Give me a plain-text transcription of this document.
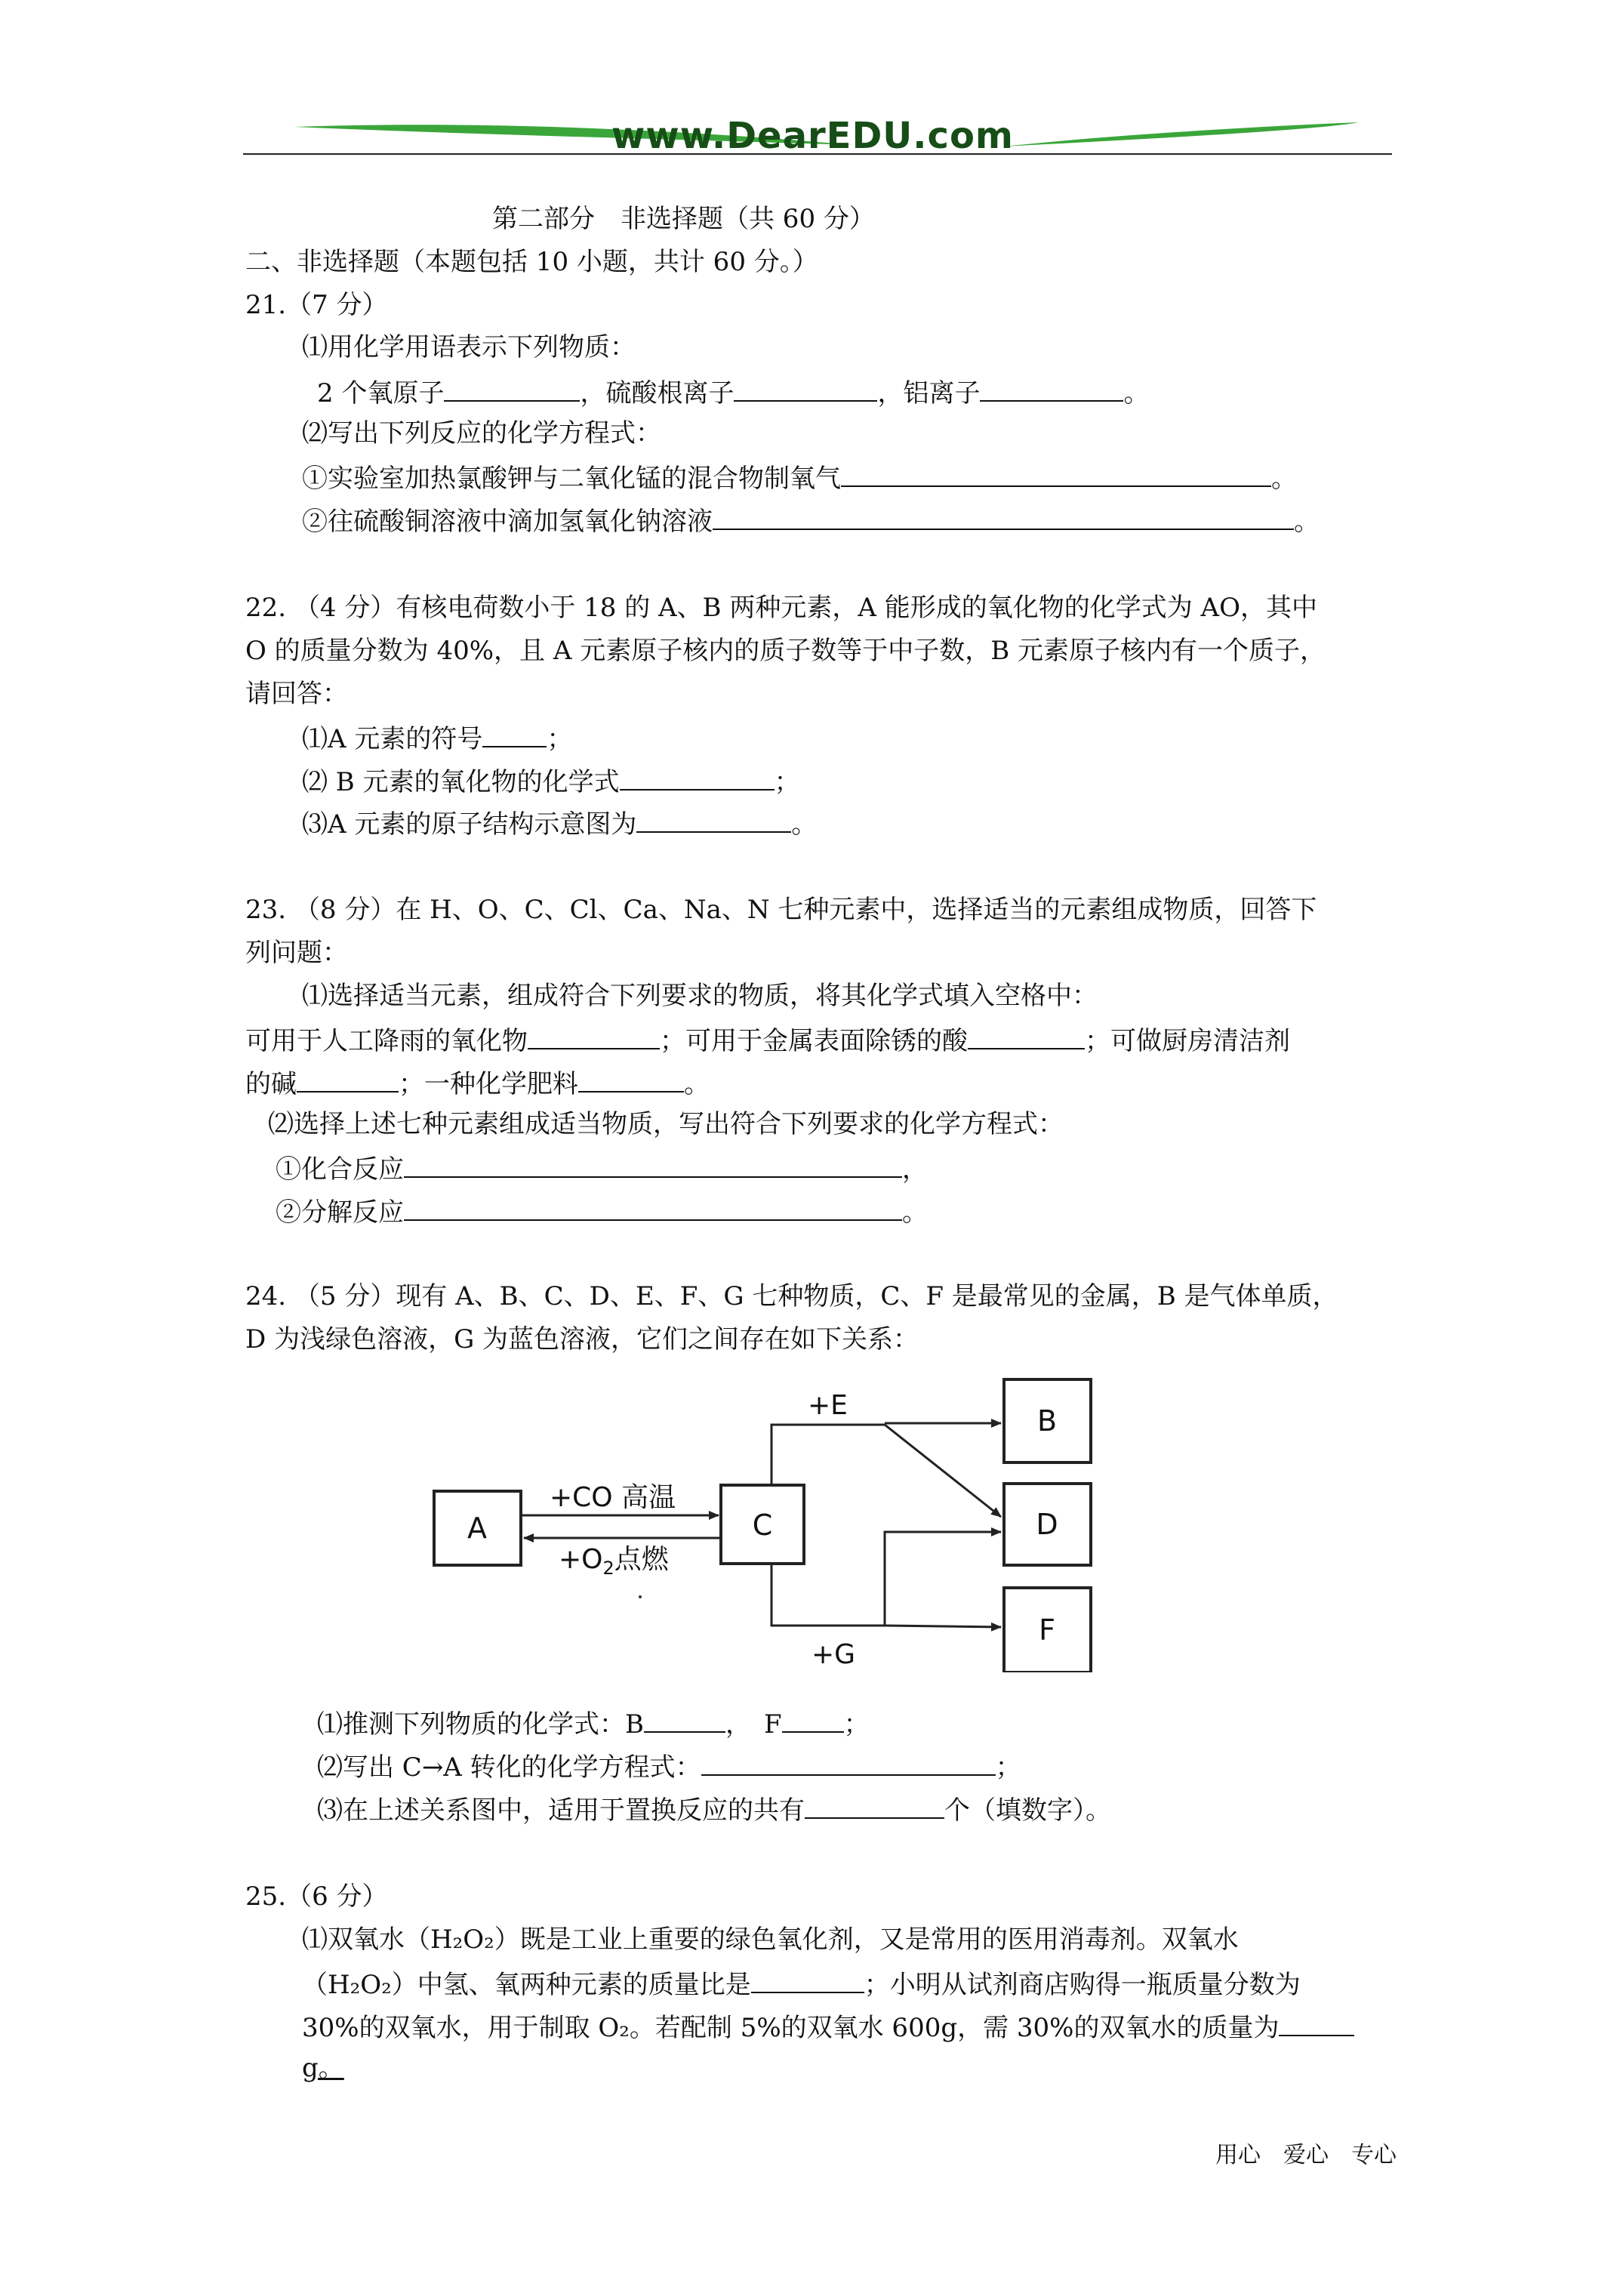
www.DearEDU.com
第二部分　非选择题（共 60 分）
二、非选择题（本题包括 10 小题，共计 60 分。）
21.（7 分）
⑴用化学用语表示下列物质：
2 个氧原子	，硫酸根离子	，铝离子	。
⑵写出下列反应的化学方程式：
①实验室加热氯酸钾与二氧化锰的混合物制氧气	。
②往硫酸铜溶液中滴加氢氧化钠溶液	。
22. （4 分）有核电荷数小于 18 的 A、B 两种元素，A 能形成的氧化物的化学式为 AO，其中
O 的质量分数为 40%，且 A 元素原子核内的质子数等于中子数，B 元素原子核内有一个质子，
请回答：
⑴A 元素的符号	；
⑵ B 元素的氧化物的化学式	；
⑶A 元素的原子结构示意图为	。
23. （8 分）在 H、O、C、Cl、Ca、Na、N 七种元素中，选择适当的元素组成物质，回答下
列问题：
⑴选择适当元素，组成符合下列要求的物质，将其化学式填入空格中：
可用于人工降雨的氧化物	；可用于金属表面除锈的酸	；可做厨房清洁剂
的碱	；一种化学肥料	。
⑵选择上述七种元素组成适当物质，写出符合下列要求的化学方程式：
①化合反应	，
②分解反应	。
24. （5 分）现有 A、B、C、D、E、F、G 七种物质，C、F 是最常见的金属，B 是气体单质，
D 为浅绿色溶液，G 为蓝色溶液，它们之间存在如下关系：
A	C
B
D
F
+CO 高温
$+O_2$点燃
+E
+G
⑴推测下列物质的化学式：B	，　F ；
⑵写出 C→A 转化的化学方程式：	；
⑶在上述关系图中，适用于置换反应的共有	个（填数字）。
25.（6 分）
⑴双氧水（H₂O₂）既是工业上重要的绿色氧化剂，又是常用的医用消毒剂。双氧水
（H₂O₂）中氢、氧两种元素的质量比是	；小明从试剂商店购得一瓶质量分数为
30%的双氧水，用于制取 O₂。若配制 5%的双氧水 600g，需 30%的双氧水的质量为
g。
用心　爱心　专心
